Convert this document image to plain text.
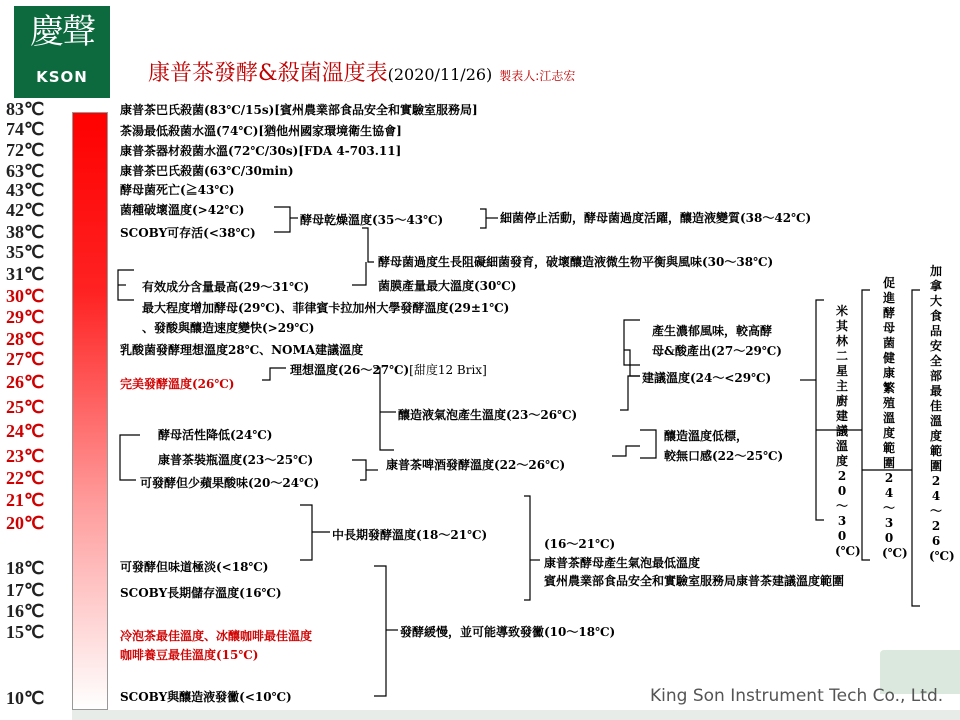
慶聲
KSON	康普茶發酵&殺菌溫度表(2020/11/26) 製表人:江志宏
83℃
74℃
72℃
63℃
43℃
42℃
38℃
35℃
31℃
30℃
29℃
28℃
27℃
26℃
25℃
24℃
23℃
22℃
21℃
20℃
18℃
17℃
16℃
15℃
10℃
康普茶巴氏殺菌(83℃/15s)[賓州農業部食品安全和實驗室服務局]
茶湯最低殺菌水溫(74℃)[猶他州國家環境衛生協會]
康普茶器材殺菌水溫(72℃/30s)[FDA 4-703.11]
康普茶巴氏殺菌(63℃/30min)
酵母菌死亡(≧43℃)
菌種破壞溫度(>42℃)
SCOBY可存活(<38℃)
酵母乾燥溫度(35～43℃)	細菌停止活動，酵母菌過度活躍，釀造液變質(38～42℃)
酵母菌過度生長阻礙細菌發育，破壞釀造液微生物平衡與風味(30～38℃)
有效成分含量最高(29～31℃)	菌膜產量最大溫度(30℃)
最大程度增加酵母(29℃)、菲律賓卡拉加州大學發酵溫度(29±1℃)
、發酸與釀造速度變快(>29℃)
乳酸菌發酵理想溫度28℃、NOMA建議溫度
產生濃郁風味，較高酵
母&酸產出(27～29℃)
理想溫度(26～27℃)[甜度12 Brix]
完美發酵溫度(26℃)	建議溫度(24～<29℃)
釀造液氣泡產生溫度(23～26℃)
酵母活性降低(24℃)	釀造溫度低標，
較無口感(22～25℃)
康普茶裝瓶溫度(23～25℃)	康普茶啤酒發酵溫度(22～26℃)
可發酵但少蘋果酸味(20～24℃)
中長期發酵溫度(18～21℃)
(16～21℃)
康普茶酵母產生氣泡最低溫度
賓州農業部食品安全和實驗室服務局康普茶建議溫度範圍
可發酵但味道極淡(<18℃)
SCOBY長期儲存溫度(16℃)
冷泡茶最佳溫度、冰釀咖啡最佳溫度
咖啡養豆最佳溫度(15℃)
發酵緩慢，並可能導致發黴(10～18℃)
SCOBY與釀造液發黴(<10℃)
米其林二星主廚建議溫度20～30(℃)
促進酵母菌健康繁殖溫度範圍24～30(℃)
加拿大食品安全部最佳溫度範圍24～26(℃)
King Son Instrument Tech Co., Ltd.
